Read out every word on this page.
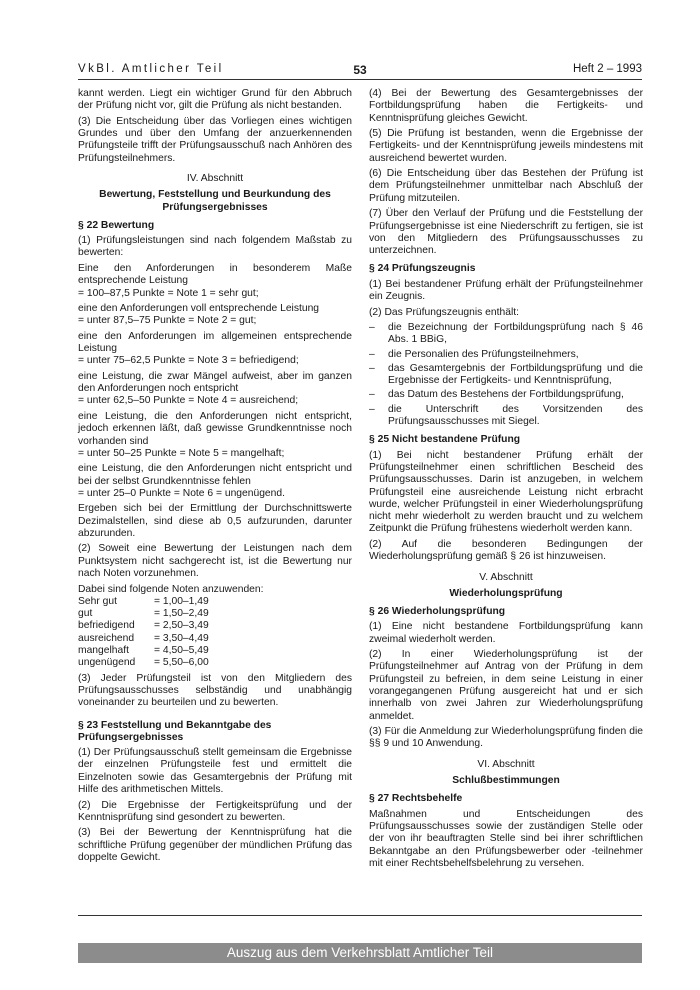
VkBl. Amtlicher Teil	53	Heft 2 – 1993

kannt werden. Liegt ein wichtiger Grund für den Abbruch der Prüfung nicht vor, gilt die Prüfung als nicht bestanden.

(3) Die Entscheidung über das Vorliegen eines wichtigen Grundes und über den Umfang der anzuerkennenden Prüfungsteile trifft der Prüfungsausschuß nach Anhören des Prüfungsteilnehmers.

IV. Abschnitt
Bewertung, Feststellung und Beurkundung des Prüfungsergebnisses
§ 22 Bewertung

(1) Prüfungsleistungen sind nach folgendem Maßstab zu bewerten:

Eine den Anforderungen in besonderem Maße entsprechende Leistung

= 100–87,5 Punkte = Note 1 = sehr gut;

eine den Anforderungen voll entsprechende Leistung

= unter 87,5–75 Punkte = Note 2 = gut;

eine den Anforderungen im allgemeinen entsprechende Leistung

= unter 75–62,5 Punkte = Note 3 = befriedigend;

eine Leistung, die zwar Mängel aufweist, aber im ganzen den Anforderungen noch entspricht

= unter 62,5–50 Punkte = Note 4 = ausreichend;

eine Leistung, die den Anforderungen nicht entspricht, jedoch erkennen läßt, daß gewisse Grundkenntnisse noch vorhanden sind

= unter 50–25 Punkte = Note 5 = mangelhaft;

eine Leistung, die den Anforderungen nicht entspricht und bei der selbst Grundkenntnisse fehlen

= unter 25–0 Punkte = Note 6 = ungenügend.

Ergeben sich bei der Ermittlung der Durchschnittswerte Dezimalstellen, sind diese ab 0,5 aufzurunden, darunter abzurunden.

(2) Soweit eine Bewertung der Leistungen nach dem Punktsystem nicht sachgerecht ist, ist die Bewertung nur nach Noten vorzunehmen.

Dabei sind folgende Noten anzuwenden:

Sehr gut	= 1,00–1,49
gut	= 1,50–2,49
befriedigend	= 2,50–3,49
ausreichend	= 3,50–4,49
mangelhaft	= 4,50–5,49
ungenügend	= 5,50–6,00

(3) Jeder Prüfungsteil ist von den Mitgliedern des Prüfungsausschusses selbständig und unabhängig voneinander zu beurteilen und zu bewerten.

§ 23 Feststellung und Bekanntgabe des Prüfungsergebnisses

(1) Der Prüfungsausschuß stellt gemeinsam die Ergebnisse der einzelnen Prüfungsteile fest und ermittelt die Einzelnoten sowie das Gesamtergebnis der Prüfung mit Hilfe des arithmetischen Mittels.

(2) Die Ergebnisse der Fertigkeitsprüfung und der Kenntnisprüfung sind gesondert zu bewerten.

(3) Bei der Bewertung der Kenntnisprüfung hat die schriftliche Prüfung gegenüber der mündlichen Prüfung das doppelte Gewicht.

(4) Bei der Bewertung des Gesamtergebnisses der Fortbildungsprüfung haben die Fertigkeits- und Kenntnisprüfung gleiches Gewicht.

(5) Die Prüfung ist bestanden, wenn die Ergebnisse der Fertigkeits- und der Kenntnisprüfung jeweils mindestens mit ausreichend bewertet wurden.

(6) Die Entscheidung über das Bestehen der Prüfung ist dem Prüfungsteilnehmer unmittelbar nach Abschluß der Prüfung mitzuteilen.

(7) Über den Verlauf der Prüfung und die Feststellung der Prüfungsergebnisse ist eine Niederschrift zu fertigen, sie ist von den Mitgliedern des Prüfungsausschusses zu unterzeichnen.

§ 24 Prüfungszeugnis

(1) Bei bestandener Prüfung erhält der Prüfungsteilnehmer ein Zeugnis.

(2) Das Prüfungszeugnis enthält:

– die Bezeichnung der Fortbildungsprüfung nach § 46 Abs. 1 BBiG,
– die Personalien des Prüfungsteilnehmers,
– das Gesamtergebnis der Fortbildungsprüfung und die Ergebnisse der Fertigkeits- und Kenntnisprüfung,
– das Datum des Bestehens der Fortbildungsprüfung,
– die Unterschrift des Vorsitzenden des Prüfungsausschusses mit Siegel.
§ 25 Nicht bestandene Prüfung

(1) Bei nicht bestandener Prüfung erhält der Prüfungsteilnehmer einen schriftlichen Bescheid des Prüfungsausschusses. Darin ist anzugeben, in welchem Prüfungsteil eine ausreichende Leistung nicht erbracht wurde, welcher Prüfungsteil in einer Wiederholungsprüfung nicht mehr wiederholt zu werden braucht und zu welchem Zeitpunkt die Prüfung frühestens wiederholt werden kann.

(2) Auf die besonderen Bedingungen der Wiederholungsprüfung gemäß § 26 ist hinzuweisen.

V. Abschnitt
Wiederholungsprüfung
§ 26 Wiederholungsprüfung

(1) Eine nicht bestandene Fortbildungsprüfung kann zweimal wiederholt werden.

(2) In einer Wiederholungsprüfung ist der Prüfungsteilnehmer auf Antrag von der Prüfung in dem Prüfungsteil zu befreien, in dem seine Leistung in einer vorangegangenen Prüfung ausgereicht hat und er sich innerhalb von zwei Jahren zur Wiederholungsprüfung anmeldet.

(3) Für die Anmeldung zur Wiederholungsprüfung finden die §§ 9 und 10 Anwendung.

VI. Abschnitt
Schlußbestimmungen
§ 27 Rechtsbehelfe

Maßnahmen und Entscheidungen des Prüfungsausschusses sowie der zuständigen Stelle oder der von ihr beauftragten Stelle sind bei ihrer schriftlichen Bekanntgabe an den Prüfungsbewerber oder -teilnehmer mit einer Rechtsbehelfsbelehrung zu versehen.

Auszug aus dem Verkehrsblatt Amtlicher Teil
